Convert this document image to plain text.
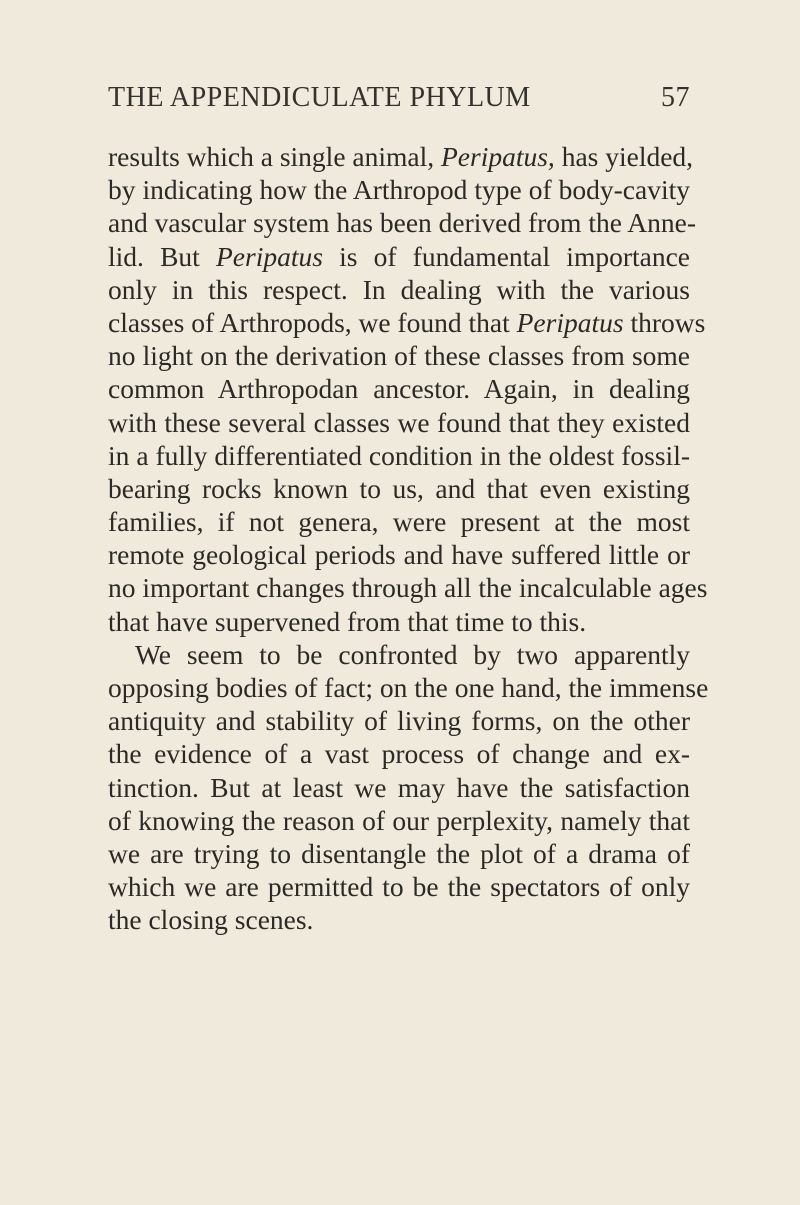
THE APPENDICULATE PHYLUM	57
results which a single animal, Peripatus, has yielded,
by indicating how the Arthropod type of body-cavity
and vascular system has been derived from the Anne-
lid. But Peripatus is of fundamental importance
only in this respect. In dealing with the various
classes of Arthropods, we found that Peripatus throws
no light on the derivation of these classes from some
common Arthropodan ancestor. Again, in dealing
with these several classes we found that they existed
in a fully differentiated condition in the oldest fossil-
bearing rocks known to us, and that even existing
families, if not genera, were present at the most
remote geological periods and have suffered little or
no important changes through all the incalculable ages
that have supervened from that time to this.
We seem to be confronted by two apparently
opposing bodies of fact; on the one hand, the immense
antiquity and stability of living forms, on the other
the evidence of a vast process of change and ex-
tinction. But at least we may have the satisfaction
of knowing the reason of our perplexity, namely that
we are trying to disentangle the plot of a drama of
which we are permitted to be the spectators of only
the closing scenes.
